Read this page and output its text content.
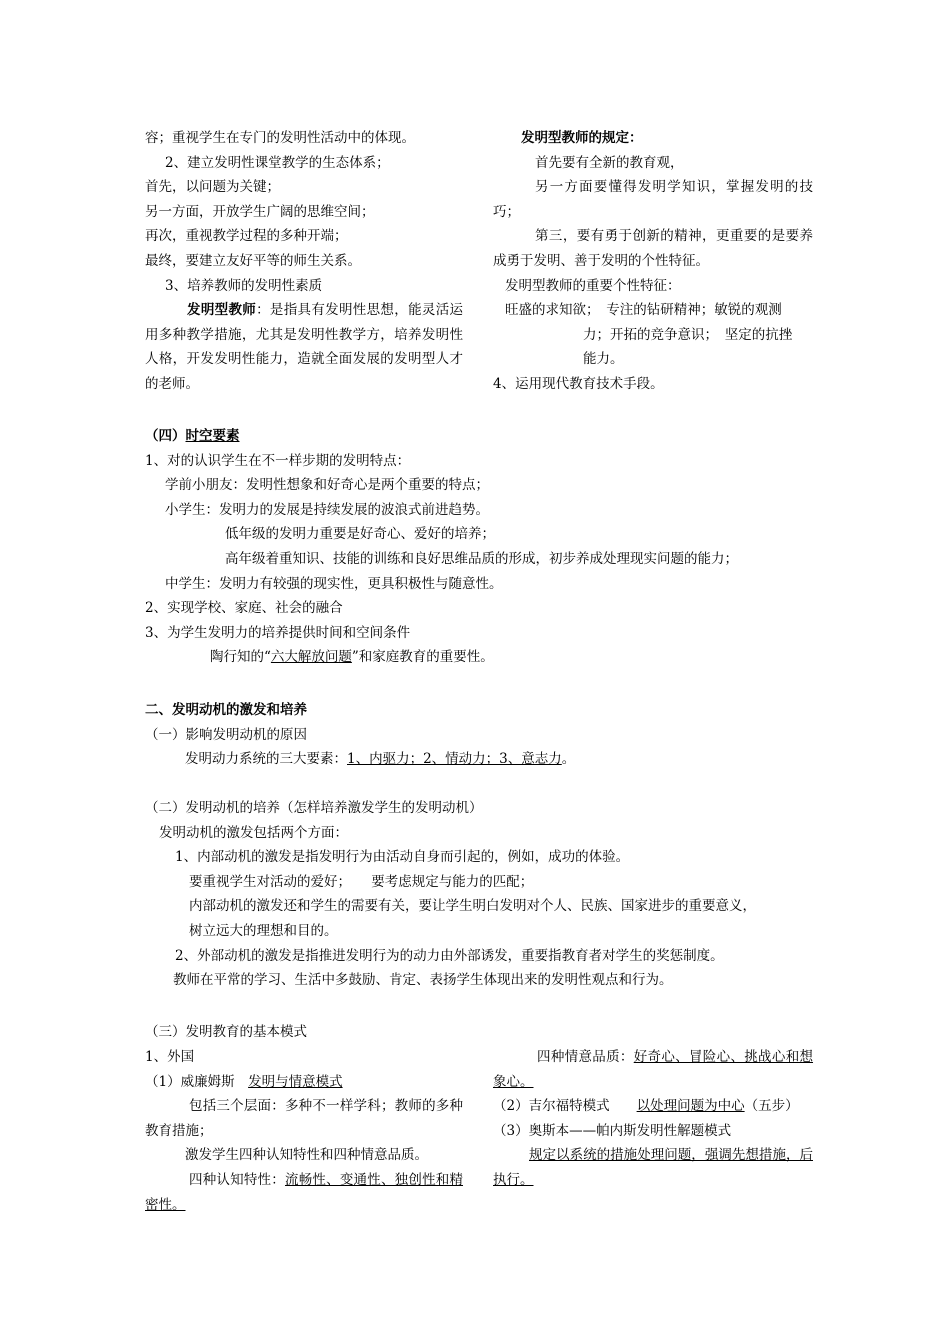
容；重视学生在专门的发明性活动中的体现。
2、建立发明性课堂教学的生态体系；
首先，以问题为关键；
另一方面，开放学生广阔的思维空间；
再次，重视教学过程的多种开端；
最终，要建立友好平等的师生关系。
3、培养教师的发明性素质
发明型教师：是指具有发明性思想，能灵活运用多种教学措施，尤其是发明性教学方，培养发明性人格，开发发明性能力，造就全面发展的发明型人才的老师。
发明型教师的规定：
首先要有全新的教育观，
另一方面要懂得发明学知识，掌握发明的技巧；
第三，要有勇于创新的精神，更重要的是要养成勇于发明、善于发明的个性特征。
发明型教师的重要个性特征：
旺盛的求知欲；　专注的钻研精神；敏锐的观测
力；开拓的竞争意识；　坚定的抗挫
能力。
4、运用现代教育技术手段。
（四）时空要素
1、对的认识学生在不一样步期的发明特点：
学前小朋友：发明性想象和好奇心是两个重要的特点；
小学生：发明力的发展是持续发展的波浪式前进趋势。
低年级的发明力重要是好奇心、爱好的培养；
高年级着重知识、技能的训练和良好思维品质的形成，初步养成处理现实问题的能力；
中学生：发明力有较强的现实性，更具积极性与随意性。
2、实现学校、家庭、社会的融合
3、为学生发明力的培养提供时间和空间条件
陶行知的“六大解放问题”和家庭教育的重要性。
二、发明动机的激发和培养
（一）影响发明动机的原因
发明动力系统的三大要素：1、内驱力；2、情动力；3、意志力。
（二）发明动机的培养（怎样培养激发学生的发明动机）
发明动机的激发包括两个方面：
1、内部动机的激发是指发明行为由活动自身而引起的，例如，成功的体验。
要重视学生对活动的爱好；　　要考虑规定与能力的匹配；
内部动机的激发还和学生的需要有关，要让学生明白发明对个人、民族、国家进步的重要意义，
树立远大的理想和目的。
2、外部动机的激发是指推进发明行为的动力由外部诱发，重要指教育者对学生的奖惩制度。
教师在平常的学习、生活中多鼓励、肯定、表扬学生体现出来的发明性观点和行为。
（三）发明教育的基本模式
1、外国
（1）威廉姆斯　发明与情意模式
包括三个层面：多种不一样学科；教师的多种教育措施；
激发学生四种认知特性和四种情意品质。
四种认知特性：流畅性、变通性、独创性和精密性。
四种情意品质：好奇心、冒险心、挑战心和想象心。
（2）吉尔福特模式　　以处理问题为中心（五步）
（3）奥斯本——帕内斯发明性解题模式
规定以系统的措施处理问题，强调先想措施，后执行。
